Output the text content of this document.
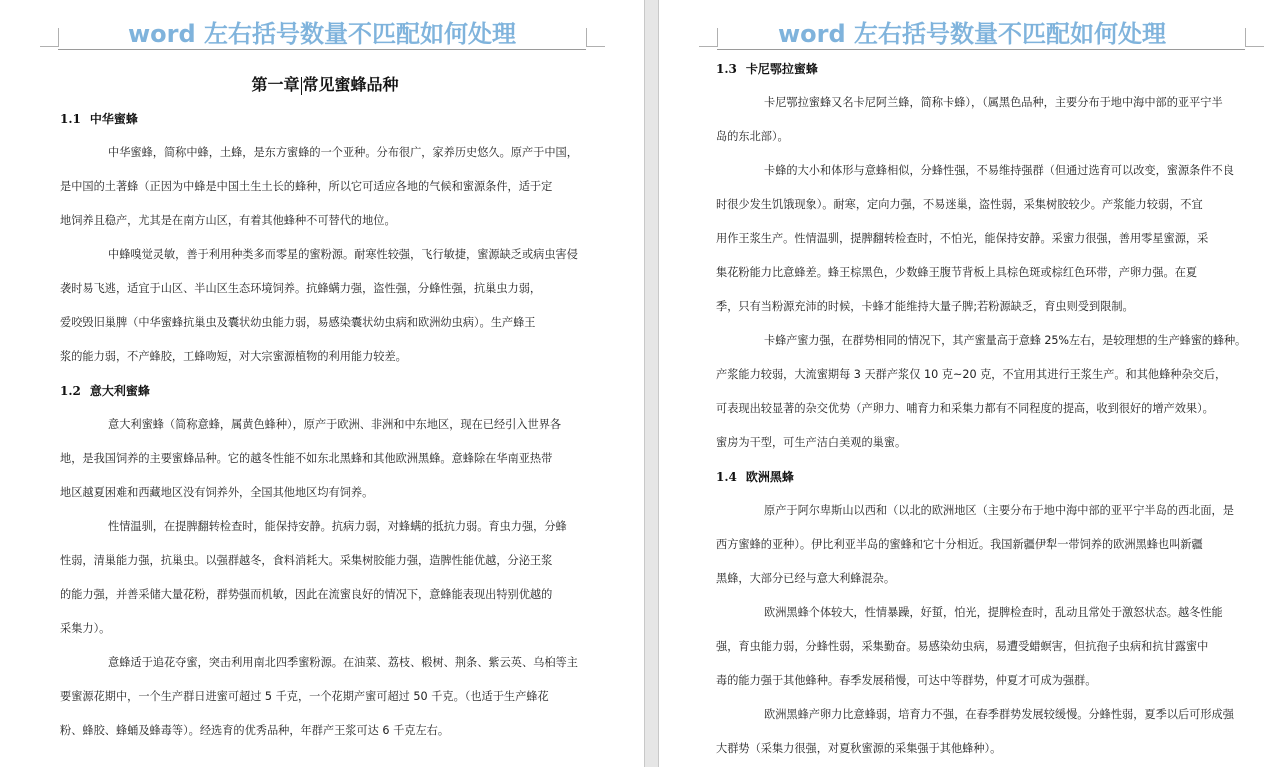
word 左右括号数量不匹配如何处理
第一章 常见蜜蜂品种
1.1 中华蜜蜂
中华蜜蜂，简称中蜂，土蜂，是东方蜜蜂的一个亚种。分布很广，家养历史悠久。原产于中国，
是中国的土著蜂（正因为中蜂是中国土生土长的蜂种，所以它可适应各地的气候和蜜源条件，适于定
地饲养且稳产，尤其是在南方山区，有着其他蜂种不可替代的地位。
中蜂嗅觉灵敏，善于利用种类多而零星的蜜粉源。耐寒性较强，飞行敏捷，蜜源缺乏或病虫害侵
袭时易飞逃，适宜于山区、半山区生态环境饲养。抗蜂螨力强，盗性强，分蜂性强，抗巢虫力弱，
爱咬毁旧巢脾（中华蜜蜂抗巢虫及囊状幼虫能力弱，易感染囊状幼虫病和欧洲幼虫病）。生产蜂王
浆的能力弱，不产蜂胶，工蜂吻短，对大宗蜜源植物的利用能力较差。
1.2 意大利蜜蜂
意大利蜜蜂（简称意蜂，属黄色蜂种），原产于欧洲、非洲和中东地区，现在已经引入世界各
地，是我国饲养的主要蜜蜂品种。它的越冬性能不如东北黑蜂和其他欧洲黑蜂。意蜂除在华南亚热带
地区越夏困难和西藏地区没有饲养外，全国其他地区均有饲养。
性情温驯，在提脾翻转检查时，能保持安静。抗病力弱，对蜂螨的抵抗力弱。育虫力强，分蜂
性弱，清巢能力强，抗巢虫。以强群越冬，食料消耗大。采集树胶能力强，造脾性能优越，分泌王浆
的能力强，并善采储大量花粉，群势强而机敏，因此在流蜜良好的情况下，意蜂能表现出特别优越的
采集力）。
意蜂适于追花夺蜜，突击利用南北四季蜜粉源。在油菜、荔枝、椴树、荆条、紫云英、乌桕等主
要蜜源花期中，一个生产群日进蜜可超过 5 千克，一个花期产蜜可超过 50 千克。（也适于生产蜂花
粉、蜂胶、蜂蛹及蜂毒等）。经选育的优秀品种，年群产王浆可达 6 千克左右。
word 左右括号数量不匹配如何处理
1.3 卡尼鄂拉蜜蜂
卡尼鄂拉蜜蜂又名卡尼阿兰蜂，简称卡蜂），（属黑色品种，主要分布于地中海中部的亚平宁半
岛的东北部）。
卡蜂的大小和体形与意蜂相似，分蜂性强，不易维持强群（但通过选育可以改变，蜜源条件不良
时很少发生饥饿现象）。耐寒，定向力强，不易迷巢，盗性弱，采集树胶较少。产浆能力较弱，不宜
用作王浆生产。性情温驯，提脾翻转检查时，不怕光，能保持安静。采蜜力很强，善用零星蜜源，采
集花粉能力比意蜂差。蜂王棕黑色，少数蜂王腹节背板上具棕色斑或棕红色环带，产卵力强。在夏
季，只有当粉源充沛的时候，卡蜂才能维持大量子脾;若粉源缺乏，育虫则受到限制。
卡蜂产蜜力强，在群势相同的情况下，其产蜜量高于意蜂 25%左右，是较理想的生产蜂蜜的蜂种。
产浆能力较弱，大流蜜期每 3 天群产浆仅 10 克~20 克，不宜用其进行王浆生产。和其他蜂种杂交后，
可表现出较显著的杂交优势（产卵力、哺育力和采集力都有不同程度的提高，收到很好的增产效果）。
蜜房为干型，可生产洁白美观的巢蜜。
1.4 欧洲黑蜂
原产于阿尔卑斯山以西和（以北的欧洲地区（主要分布于地中海中部的亚平宁半岛的西北面，是
西方蜜蜂的亚种）。伊比利亚半岛的蜜蜂和它十分相近。我国新疆伊犁一带饲养的欧洲黑蜂也叫新疆
黑蜂，大部分已经与意大利蜂混杂。
欧洲黑蜂个体较大，性情暴躁，好蜇，怕光，提脾检查时，乱动且常处于激怒状态。越冬性能
强，育虫能力弱，分蜂性弱，采集勤奋。易感染幼虫病，易遭受蜡螟害，但抗孢子虫病和抗甘露蜜中
毒的能力强于其他蜂种。春季发展稍慢，可达中等群势，仲夏才可成为强群。
欧洲黑蜂产卵力比意蜂弱，培育力不强，在春季群势发展较缓慢。分蜂性弱，夏季以后可形成强
大群势（采集力很强，对夏秋蜜源的采集强于其他蜂种）。
